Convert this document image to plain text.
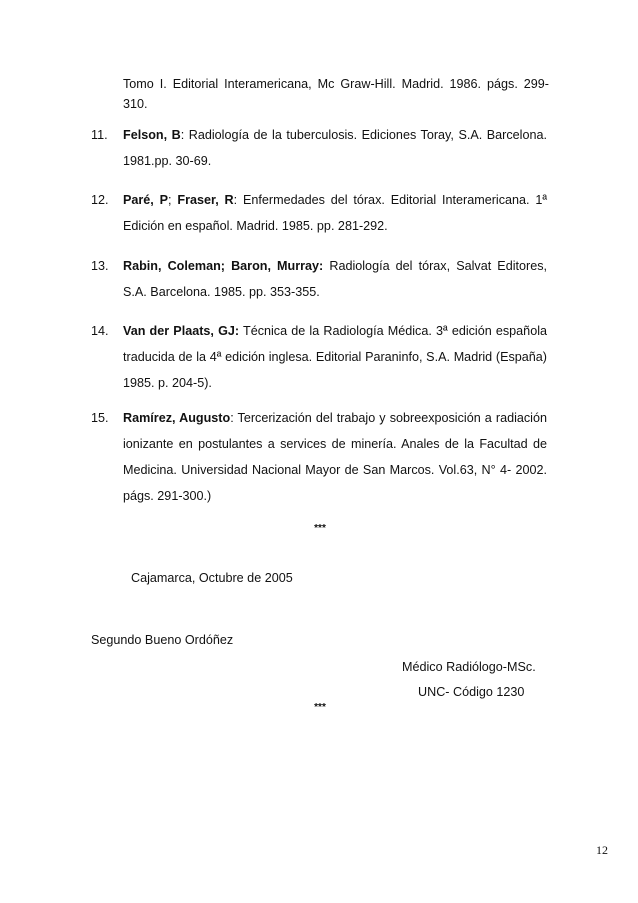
Tomo I. Editorial Interamericana, Mc Graw-Hill. Madrid. 1986. págs. 299-310.
11. Felson, B: Radiología de la tuberculosis. Ediciones Toray, S.A. Barcelona. 1981.pp. 30-69.
12. Paré, P; Fraser, R: Enfermedades del tórax. Editorial Interamericana. 1ª Edición en español. Madrid. 1985. pp. 281-292.
13. Rabin, Coleman; Baron, Murray: Radiología del tórax, Salvat Editores, S.A. Barcelona. 1985. pp. 353-355.
14. Van der Plaats, GJ: Técnica de la Radiología Médica. 3ª edición española traducida de la 4ª edición inglesa. Editorial Paraninfo, S.A. Madrid (España) 1985. p. 204-5).
15. Ramírez, Augusto: Tercerización del trabajo y sobreexposición a radiación ionizante en postulantes a services de minería. Anales de la Facultad de Medicina. Universidad Nacional Mayor de San Marcos. Vol.63, N° 4- 2002. págs. 291-300.)
***
Cajamarca, Octubre de 2005
Segundo Bueno Ordóñez
Médico Radiólogo-MSc.
UNC- Código 1230
***
12
